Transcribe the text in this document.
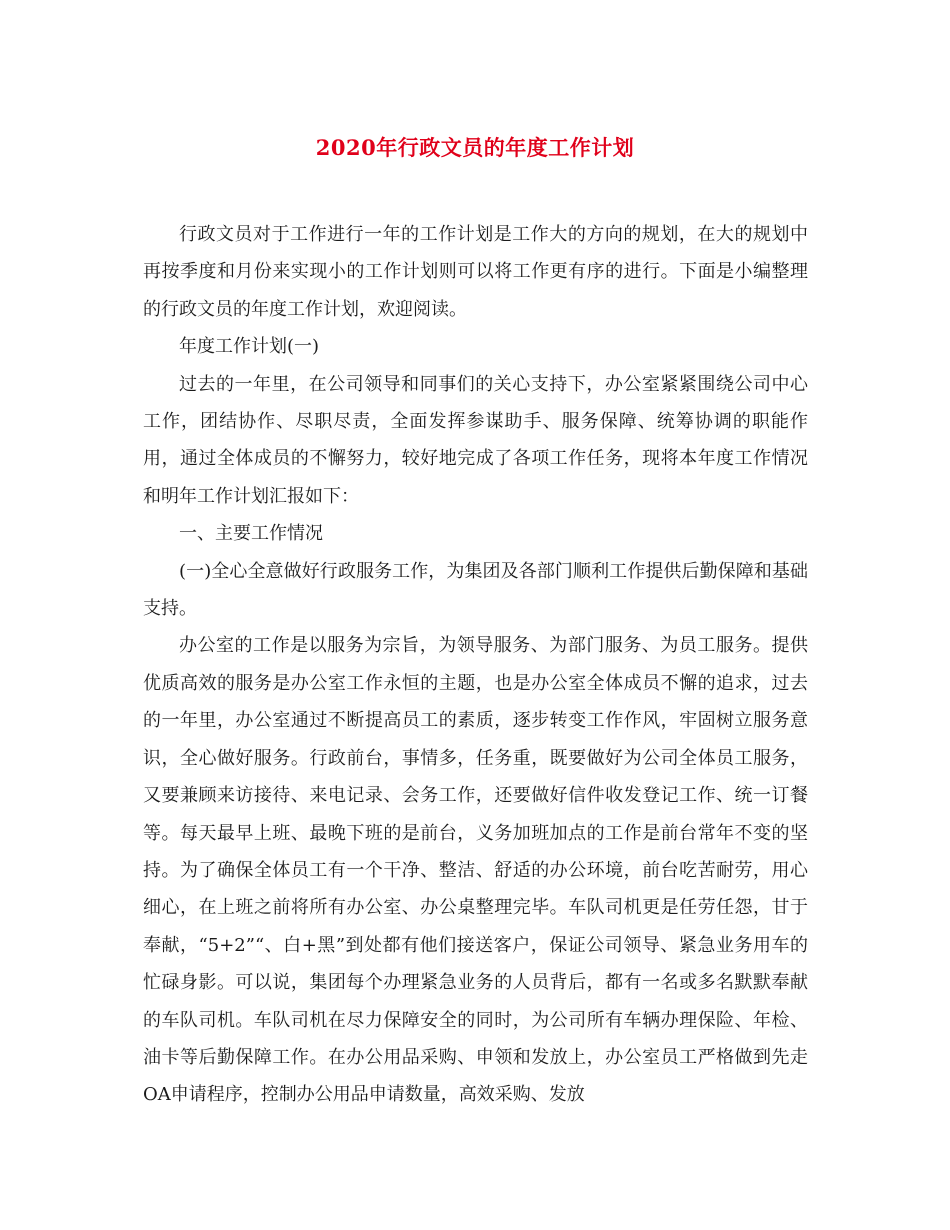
2020年行政文员的年度工作计划

行政文员对于工作进行一年的工作计划是工作大的方向的规划，在大的规划中再按季度和月份来实现小的工作计划则可以将工作更有序的进行。下面是小编整理的行政文员的年度工作计划，欢迎阅读。

年度工作计划(一)

过去的一年里，在公司领导和同事们的关心支持下，办公室紧紧围绕公司中心工作，团结协作、尽职尽责，全面发挥参谋助手、服务保障、统筹协调的职能作用，通过全体成员的不懈努力，较好地完成了各项工作任务，现将本年度工作情况和明年工作计划汇报如下：

一、主要工作情况

(一)全心全意做好行政服务工作，为集团及各部门顺利工作提供后勤保障和基础支持。

办公室的工作是以服务为宗旨，为领导服务、为部门服务、为员工服务。提供优质高效的服务是办公室工作永恒的主题，也是办公室全体成员不懈的追求，过去的一年里，办公室通过不断提高员工的素质，逐步转变工作作风，牢固树立服务意识，全心做好服务。行政前台，事情多，任务重，既要做好为公司全体员工服务，又要兼顾来访接待、来电记录、会务工作，还要做好信件收发登记工作、统一订餐等。每天最早上班、最晚下班的是前台，义务加班加点的工作是前台常年不变的坚持。为了确保全体员工有一个干净、整洁、舒适的办公环境，前台吃苦耐劳，用心细心，在上班之前将所有办公室、办公桌整理完毕。车队司机更是任劳任怨，甘于奉献，“5+2”“、白+黑”到处都有他们接送客户，保证公司领导、紧急业务用车的忙碌身影。可以说，集团每个办理紧急业务的人员背后，都有一名或多名默默奉献的车队司机。车队司机在尽力保障安全的同时，为公司所有车辆办理保险、年检、油卡等后勤保障工作。在办公用品采购、申领和发放上，办公室员工严格做到先走OA申请程序，控制办公用品申请数量，高效采购、发放
